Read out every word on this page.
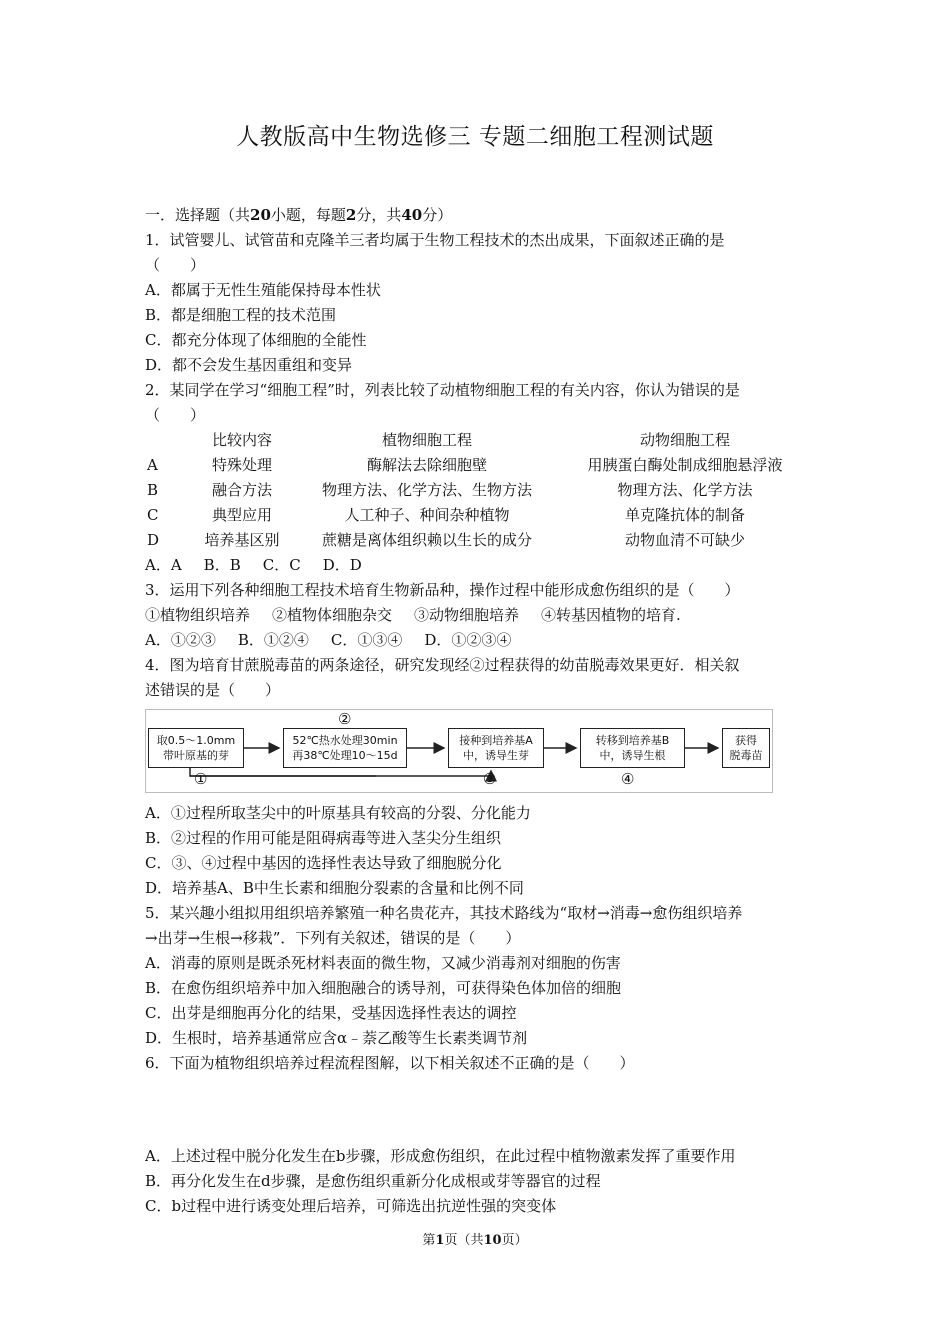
人教版高中生物选修三 专题二细胞工程测试题
一．选择题（共20小题，每题2分，共40分）
1．试管婴儿、试管苗和克隆羊三者均属于生物工程技术的杰出成果，下面叙述正确的是
（　　）
A．都属于无性生殖能保持母本性状
B．都是细胞工程的技术范围
C．都充分体现了体细胞的全能性
D．都不会发生基因重组和变异
2．某同学在学习“细胞工程”时，列表比较了动植物细胞工程的有关内容，你认为错误的是
（　　）
	比较内容	植物细胞工程	动物细胞工程
A	特殊处理	酶解法去除细胞壁	用胰蛋白酶处制成细胞悬浮液
B	融合方法	物理方法、化学方法、生物方法	物理方法、化学方法
C	典型应用	人工种子、种间杂种植物	单克隆抗体的制备
D	培养基区别	蔗糖是离体组织赖以生长的成分	动物血清不可缺少
A．A B．B C．C D．D
3．运用下列各种细胞工程技术培育生物新品种，操作过程中能形成愈伤组织的是（　　）
①植物组织培养 ②植物体细胞杂交 ③动物细胞培养 ④转基因植物的培育.
A．①②③ B．①②④ C．①③④ D．①②③④
4．图为培育甘蔗脱毒苗的两条途径，研究发现经②过程获得的幼苗脱毒效果更好．相关叙
述错误的是（　　）
取0.5～1.0mm
带叶原基的芽
52℃热水处理30min
再38℃处理10～15d
接种到培养基A
中，诱导生芽
转移到培养基B
中，诱导生根
获得
脱毒苗
①
②
③	④
A．①过程所取茎尖中的叶原基具有较高的分裂、分化能力
B．②过程的作用可能是阻碍病毒等进入茎尖分生组织
C．③、④过程中基因的选择性表达导致了细胞脱分化
D．培养基A、B中生长素和细胞分裂素的含量和比例不同
5．某兴趣小组拟用组织培养繁殖一种名贵花卉，其技术路线为“取材→消毒→愈伤组织培养
→出芽→生根→移栽”．下列有关叙述，错误的是（　　）
A．消毒的原则是既杀死材料表面的微生物，又减少消毒剂对细胞的伤害
B．在愈伤组织培养中加入细胞融合的诱导剂，可获得染色体加倍的细胞
C．出芽是细胞再分化的结果，受基因选择性表达的调控
D．生根时，培养基通常应含α﹣萘乙酸等生长素类调节剂
6．下面为植物组织培养过程流程图解，以下相关叙述不正确的是（　　）
A．上述过程中脱分化发生在b步骤，形成愈伤组织，在此过程中植物激素发挥了重要作用
B．再分化发生在d步骤，是愈伤组织重新分化成根或芽等器官的过程
C．b过程中进行诱变处理后培养，可筛选出抗逆性强的突变体
第1页（共10页）
